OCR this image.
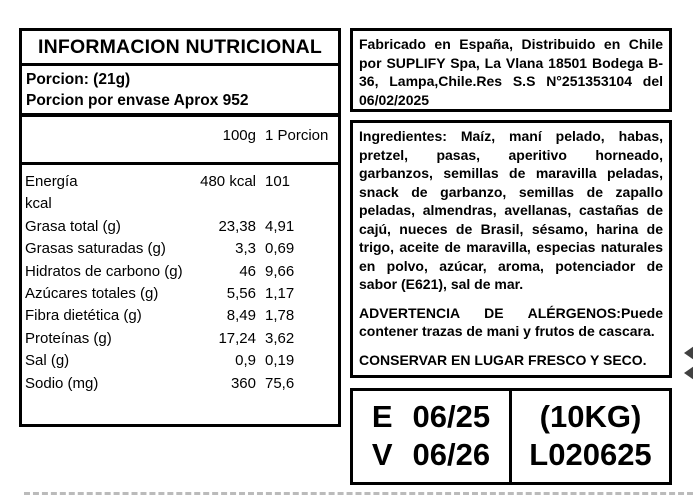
INFORMACION NUTRICIONAL
Porcion: (21g)
Porcion por envase Aprox 952
100g 1 Porcion
Energía	480 kcal 101
kcal
Grasa total (g)	23,38 4,91
Grasas saturadas (g)	3,3 0,69
Hidratos de carbono (g)	46 9,66
Azúcares totales (g)	5,56 1,17
Fibra dietética (g)	8,49 1,78
Proteínas (g)	17,24 3,62
Sal (g)	0,9 0,19
Sodio (mg)	360 75,6

Fabricado en España, Distribuido en Chile por SUPLIFY Spa, La Vlana 18501 Bodega B-36, Lampa,Chile.Res S.S N°251353104 del 06/02/2025

Ingredientes: Maíz, maní pelado, habas, pretzel, pasas, aperitivo horneado, garbanzos, semillas de maravilla peladas, snack de garbanzo, semillas de zapallo peladas, almendras, avellanas, castañas de cajú, nueces de Brasil, sésamo, harina de trigo, aceite de maravilla, especias naturales en polvo, azúcar, aroma, potenciador de sabor (E621), sal de mar.

ADVERTENCIA DE ALÉRGENOS:Puede contener trazas de mani y frutos de cascara.

CONSERVAR EN LUGAR FRESCO Y SECO.

E 06/25
V 06/26
(10KG)
L020625
